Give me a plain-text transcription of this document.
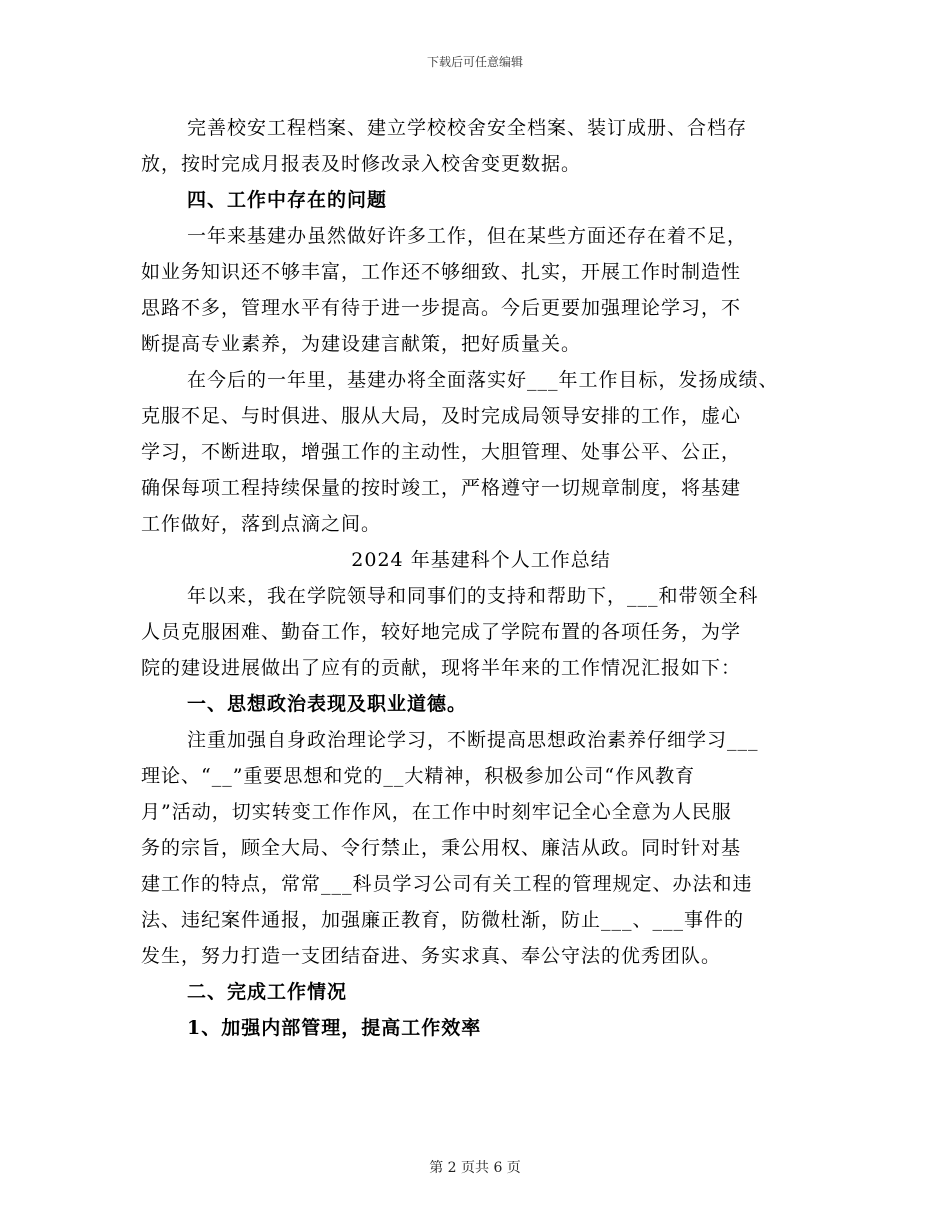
下载后可任意编辑
完善校安工程档案、建立学校校舍安全档案、装订成册、合档存
放，按时完成月报表及时修改录入校舍变更数据。
四、工作中存在的问题
一年来基建办虽然做好许多工作，但在某些方面还存在着不足，
如业务知识还不够丰富，工作还不够细致、扎实，开展工作时制造性
思路不多，管理水平有待于进一步提高。今后更要加强理论学习，不
断提高专业素养，为建设建言献策，把好质量关。
在今后的一年里，基建办将全面落实好___年工作目标，发扬成绩、
克服不足、与时俱进、服从大局，及时完成局领导安排的工作，虚心
学习，不断进取，增强工作的主动性，大胆管理、处事公平、公正，
确保每项工程持续保量的按时竣工，严格遵守一切规章制度，将基建
工作做好，落到点滴之间。
2024 年基建科个人工作总结
年以来，我在学院领导和同事们的支持和帮助下，___和带领全科
人员克服困难、勤奋工作，较好地完成了学院布置的各项任务，为学
院的建设进展做出了应有的贡献，现将半年来的工作情况汇报如下：
一、思想政治表现及职业道德。
注重加强自身政治理论学习，不断提高思想政治素养仔细学习___
理论、“__”重要思想和党的__大精神，积极参加公司“作风教育
月”活动，切实转变工作作风，在工作中时刻牢记全心全意为人民服
务的宗旨，顾全大局、令行禁止，秉公用权、廉洁从政。同时针对基
建工作的特点，常常___科员学习公司有关工程的管理规定、办法和违
法、违纪案件通报，加强廉正教育，防微杜渐，防止___、___事件的
发生，努力打造一支团结奋进、务实求真、奉公守法的优秀团队。
二、完成工作情况
1、加强内部管理，提高工作效率
第 2 页共 6 页
